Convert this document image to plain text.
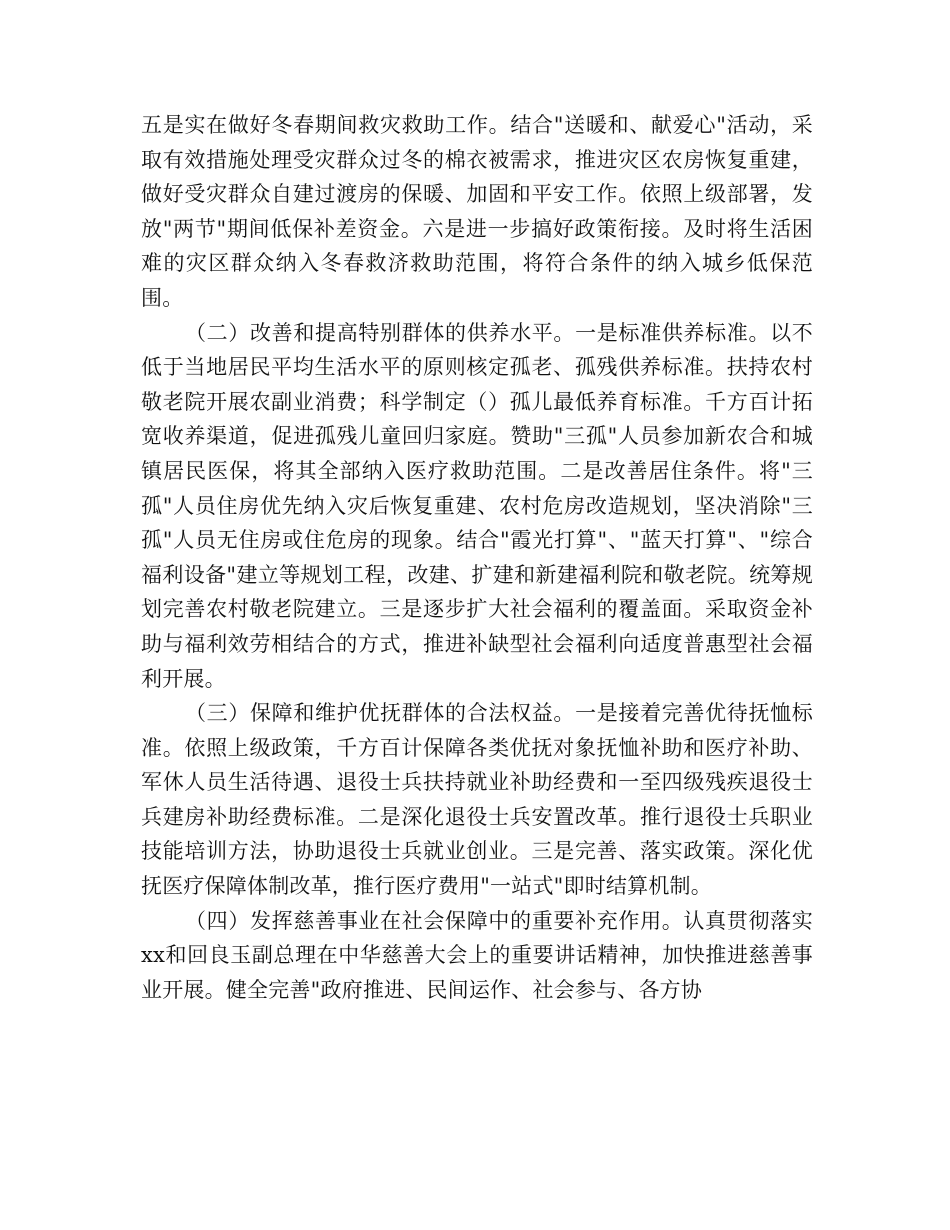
五是实在做好冬春期间救灾救助工作。结合"送暖和、献爱心"活动，采取有效措施处理受灾群众过冬的棉衣被需求，推进灾区农房恢复重建，做好受灾群众自建过渡房的保暖、加固和平安工作。依照上级部署，发放"两节"期间低保补差资金。六是进一步搞好政策衔接。及时将生活困难的灾区群众纳入冬春救济救助范围，将符合条件的纳入城乡低保范围。

（二）改善和提高特别群体的供养水平。一是标准供养标准。以不低于当地居民平均生活水平的原则核定孤老、孤残供养标准。扶持农村敬老院开展农副业消费；科学制定（）孤儿最低养育标准。千方百计拓宽收养渠道，促进孤残儿童回归家庭。赞助"三孤"人员参加新农合和城镇居民医保，将其全部纳入医疗救助范围。二是改善居住条件。将"三孤"人员住房优先纳入灾后恢复重建、农村危房改造规划，坚决消除"三孤"人员无住房或住危房的现象。结合"霞光打算"、"蓝天打算"、"综合福利设备"建立等规划工程，改建、扩建和新建福利院和敬老院。统筹规划完善农村敬老院建立。三是逐步扩大社会福利的覆盖面。采取资金补助与福利效劳相结合的方式，推进补缺型社会福利向适度普惠型社会福利开展。

（三）保障和维护优抚群体的合法权益。一是接着完善优待抚恤标准。依照上级政策，千方百计保障各类优抚对象抚恤补助和医疗补助、军休人员生活待遇、退役士兵扶持就业补助经费和一至四级残疾退役士兵建房补助经费标准。二是深化退役士兵安置改革。推行退役士兵职业技能培训方法，协助退役士兵就业创业。三是完善、落实政策。深化优抚医疗保障体制改革，推行医疗费用"一站式"即时结算机制。

（四）发挥慈善事业在社会保障中的重要补充作用。认真贯彻落实xx和回良玉副总理在中华慈善大会上的重要讲话精神，加快推进慈善事业开展。健全完善"政府推进、民间运作、社会参与、各方协
